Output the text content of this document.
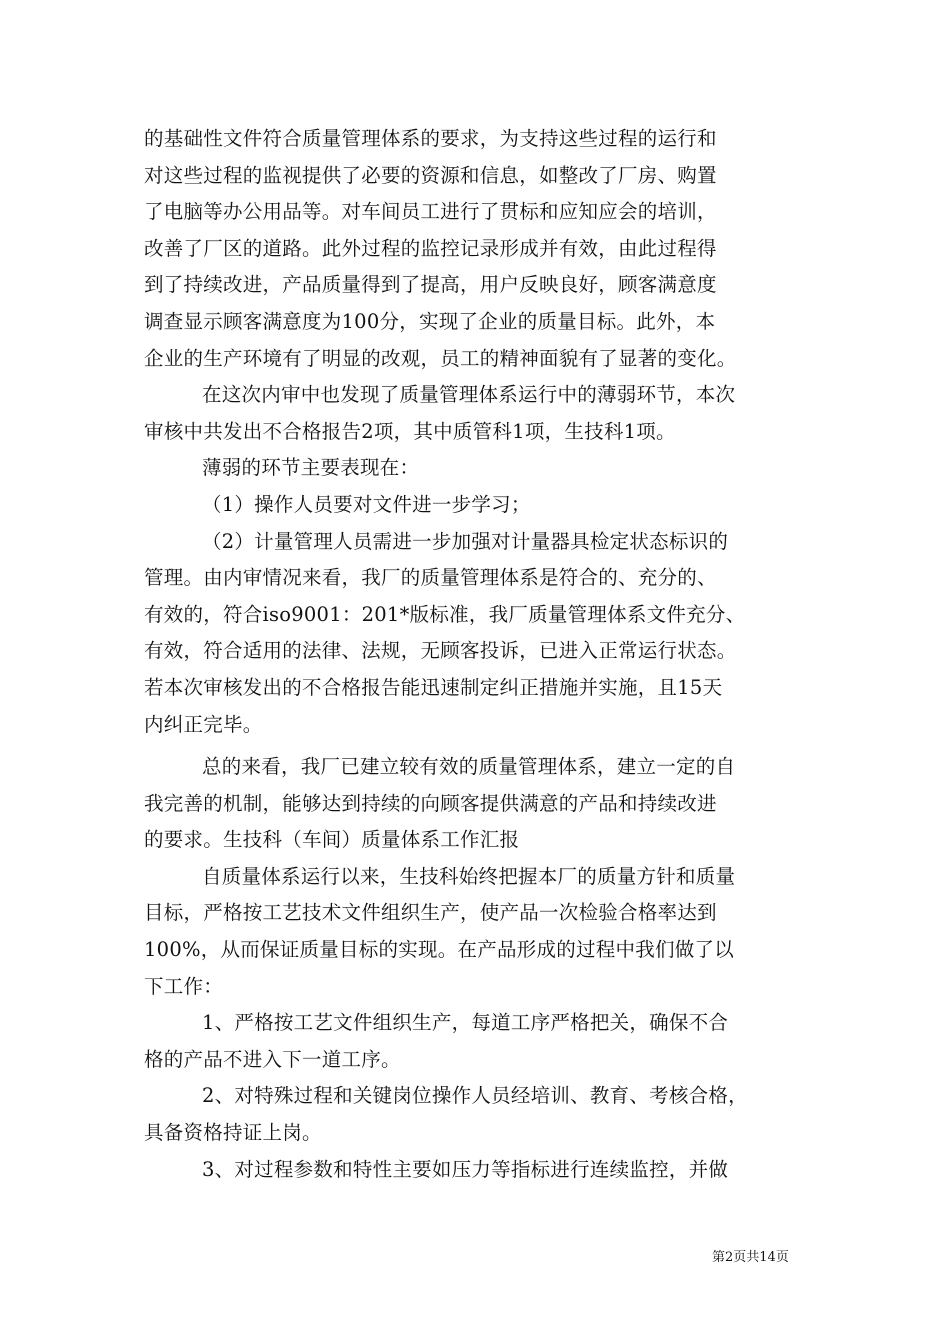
的基础性文件符合质量管理体系的要求，为支持这些过程的运行和
对这些过程的监视提供了必要的资源和信息，如整改了厂房、购置
了电脑等办公用品等。对车间员工进行了贯标和应知应会的培训，
改善了厂区的道路。此外过程的监控记录形成并有效，由此过程得
到了持续改进，产品质量得到了提高，用户反映良好，顾客满意度
调查显示顾客满意度为100分，实现了企业的质量目标。此外，本
企业的生产环境有了明显的改观，员工的精神面貌有了显著的变化。
在这次内审中也发现了质量管理体系运行中的薄弱环节，本次
审核中共发出不合格报告2项，其中质管科1项，生技科1项。
薄弱的环节主要表现在：
（1）操作人员要对文件进一步学习；
（2）计量管理人员需进一步加强对计量器具检定状态标识的
管理。由内审情况来看，我厂的质量管理体系是符合的、充分的、
有效的，符合iso9001：201*版标准，我厂质量管理体系文件充分、
有效，符合适用的法律、法规，无顾客投诉，已进入正常运行状态。
若本次审核发出的不合格报告能迅速制定纠正措施并实施，且15天
内纠正完毕。
总的来看，我厂已建立较有效的质量管理体系，建立一定的自
我完善的机制，能够达到持续的向顾客提供满意的产品和持续改进
的要求。生技科（车间）质量体系工作汇报
自质量体系运行以来，生技科始终把握本厂的质量方针和质量
目标，严格按工艺技术文件组织生产，使产品一次检验合格率达到
100%，从而保证质量目标的实现。在产品形成的过程中我们做了以
下工作：
1、严格按工艺文件组织生产，每道工序严格把关，确保不合
格的产品不进入下一道工序。
2、对特殊过程和关键岗位操作人员经培训、教育、考核合格，
具备资格持证上岗。
3、对过程参数和特性主要如压力等指标进行连续监控，并做
第2页共14页
